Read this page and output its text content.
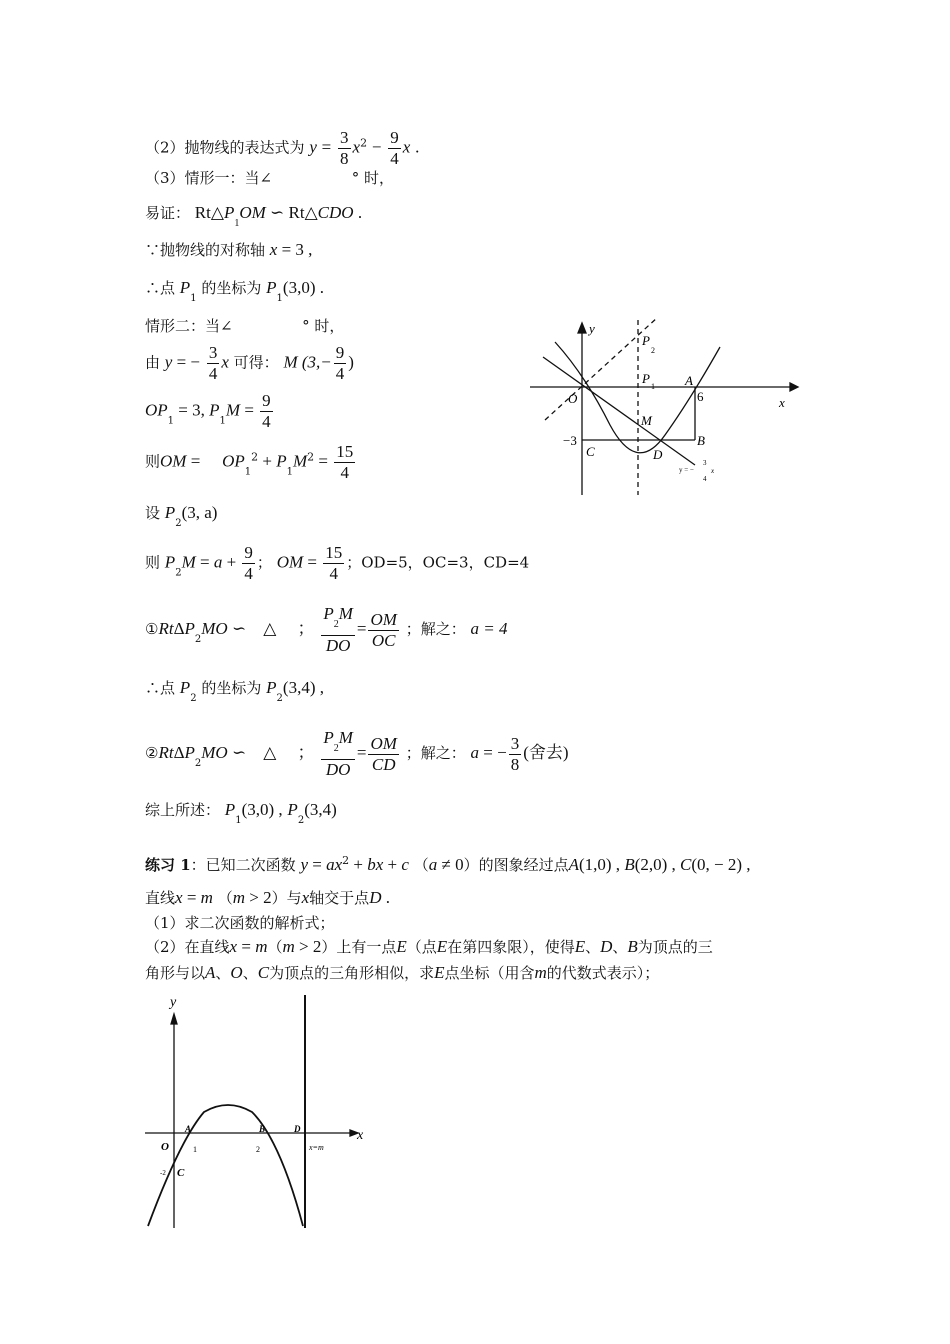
（2）抛物线的表达式为 $y = \frac{3}{8} x^2 - \frac{9}{4}$ x .
（3）情形一：当∠	° 时，
易证： $Rt\triangle P_1OM$ ∽ Rt△CDO .
∵抛物线的对称轴 x = 3 ,
∴点 $P_1$ 的坐标为 $P_1(3,0)$ .
情形二：当∠	° 时，
由 y = − $\frac{3}{4}$ x 可得： M ($3,- \frac{9}{4}$ )
$OP_1 = 3$, $P_1M = \frac{9}{4}$
则OM =     $OP_1^2 + P_1M^2 = \frac{15}{4}$
设 $P_2(3$, a)
则 $P_2M = a + \frac{9}{4}$ ； OM = $\frac{15}{4}$ ；OD=5，OC=3，CD=4
①RtΔP$_2$MO ∽    △     ； $\frac{P_2M}{DO} = \frac{OM}{OC}$ ；解之： a = 4
∴点 $P_2$ 的坐标为 $P_2(3,4)$ ,
②RtΔP$_2$MO ∽    △     ； $\frac{P_2M}{DO} = \frac{OM}{CD}$ ；解之： a = − $\frac{3}{8}$ (舍去)
综上所述： $P_1(3,0)$ , $P_2(3,4)$
练习 1：已知二次函数 $y = ax^2$ + bx + c （a ≠ 0）的图象经过点A(1,0) , B(2,0) , C(0, − 2) ,
直线x = m （m > 2）与x轴交于点D .
（1）求二次函数的解析式；
（2）在直线x = m（m > 2）上有一点E（点E在第四象限），使得E、D、B为顶点的三
角形与以A、O、C为顶点的三角形相似，求E点坐标（用含m的代数式表示）；
y
x
O
P
1
P
2
A
6
M
−3
C
B
D
y = −
3
4
x
y
x
O
A	B	D
C
1	2
-2
x=m
